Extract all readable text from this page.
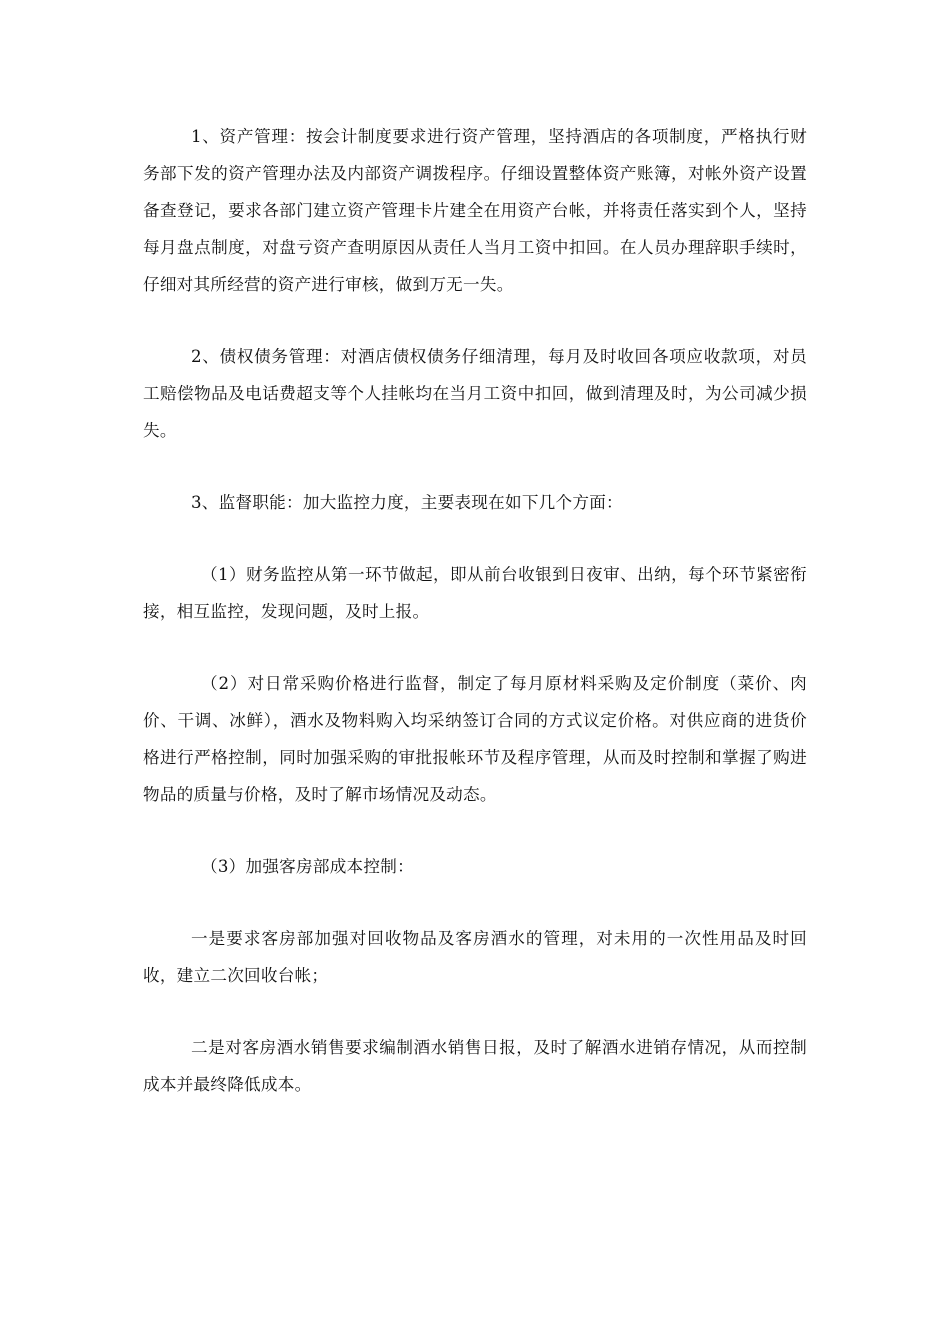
1、资产管理：按会计制度要求进行资产管理，坚持酒店的各项制度，严格执行财务部下发的资产管理办法及内部资产调拨程序。仔细设置整体资产账簿，对帐外资产设置备查登记，要求各部门建立资产管理卡片建全在用资产台帐，并将责任落实到个人，坚持每月盘点制度，对盘亏资产查明原因从责任人当月工资中扣回。在人员办理辞职手续时，仔细对其所经营的资产进行审核，做到万无一失。

2、债权债务管理：对酒店债权债务仔细清理，每月及时收回各项应收款项，对员工赔偿物品及电话费超支等个人挂帐均在当月工资中扣回，做到清理及时，为公司减少损失。

3、监督职能：加大监控力度，主要表现在如下几个方面：

（1）财务监控从第一环节做起，即从前台收银到日夜审、出纳，每个环节紧密衔接，相互监控，发现问题，及时上报。

（2）对日常采购价格进行监督，制定了每月原材料采购及定价制度（菜价、肉价、干调、冰鲜），酒水及物料购入均采纳签订合同的方式议定价格。对供应商的进货价格进行严格控制，同时加强采购的审批报帐环节及程序管理，从而及时控制和掌握了购进物品的质量与价格，及时了解市场情况及动态。

（3）加强客房部成本控制：

一是要求客房部加强对回收物品及客房酒水的管理，对未用的一次性用品及时回收，建立二次回收台帐；

二是对客房酒水销售要求编制酒水销售日报，及时了解酒水进销存情况，从而控制成本并最终降低成本。
